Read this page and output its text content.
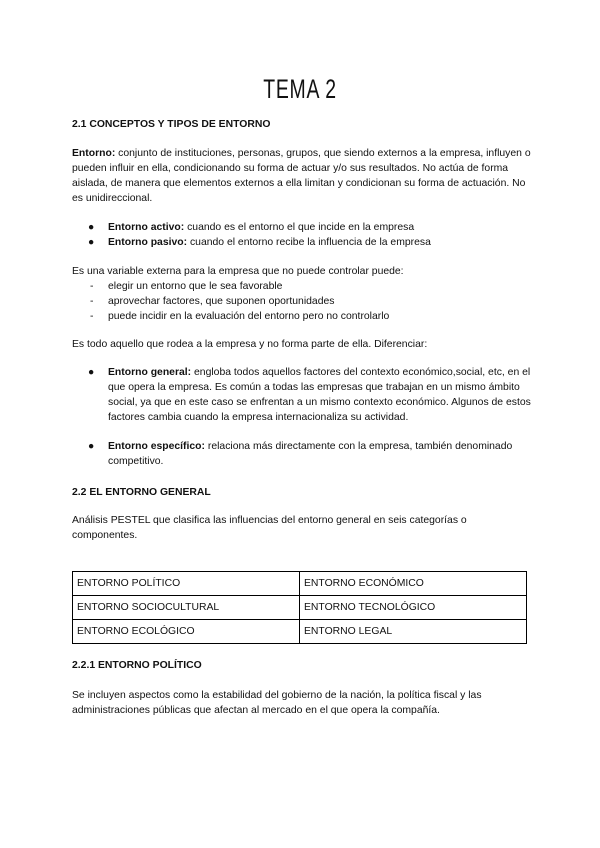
TEMA 2
2.1 CONCEPTOS Y TIPOS DE ENTORNO
Entorno: conjunto de instituciones, personas, grupos, que siendo externos a la empresa, influyen o pueden influir en ella, condicionando su forma de actuar y/o sus resultados. No actúa de forma aislada, de manera que elementos externos a ella limitan y condicionan su forma de actuación. No es unidireccional.
● Entorno activo: cuando es el entorno el que incide en la empresa
● Entorno pasivo: cuando el entorno recibe la influencia de la empresa
Es una variable externa para la empresa que no puede controlar puede:
- elegir un entorno que le sea favorable
- aprovechar factores, que suponen oportunidades
- puede incidir en la evaluación del entorno pero no controlarlo
Es todo aquello que rodea a la empresa y no forma parte de ella. Diferenciar:
● Entorno general: engloba todos aquellos factores del contexto económico,social, etc, en el que opera la empresa. Es común a todas las empresas que trabajan en un mismo ámbito social, ya que en este caso se enfrentan a un mismo contexto económico. Algunos de estos factores cambia cuando la empresa internacionaliza su actividad.
● Entorno específico: relaciona más directamente con la empresa, también denominado competitivo.
2.2 EL ENTORNO GENERAL
Análisis PESTEL que clasifica las influencias del entorno general en seis categorías o componentes.
ENTORNO POLÍTICO	ENTORNO ECONÓMICO
ENTORNO SOCIOCULTURAL	ENTORNO TECNOLÓGICO
ENTORNO ECOLÓGICO	ENTORNO LEGAL
2.2.1 ENTORNO POLÍTICO
Se incluyen aspectos como la estabilidad del gobierno de la nación, la política fiscal y las administraciones públicas que afectan al mercado en el que opera la compañía.
